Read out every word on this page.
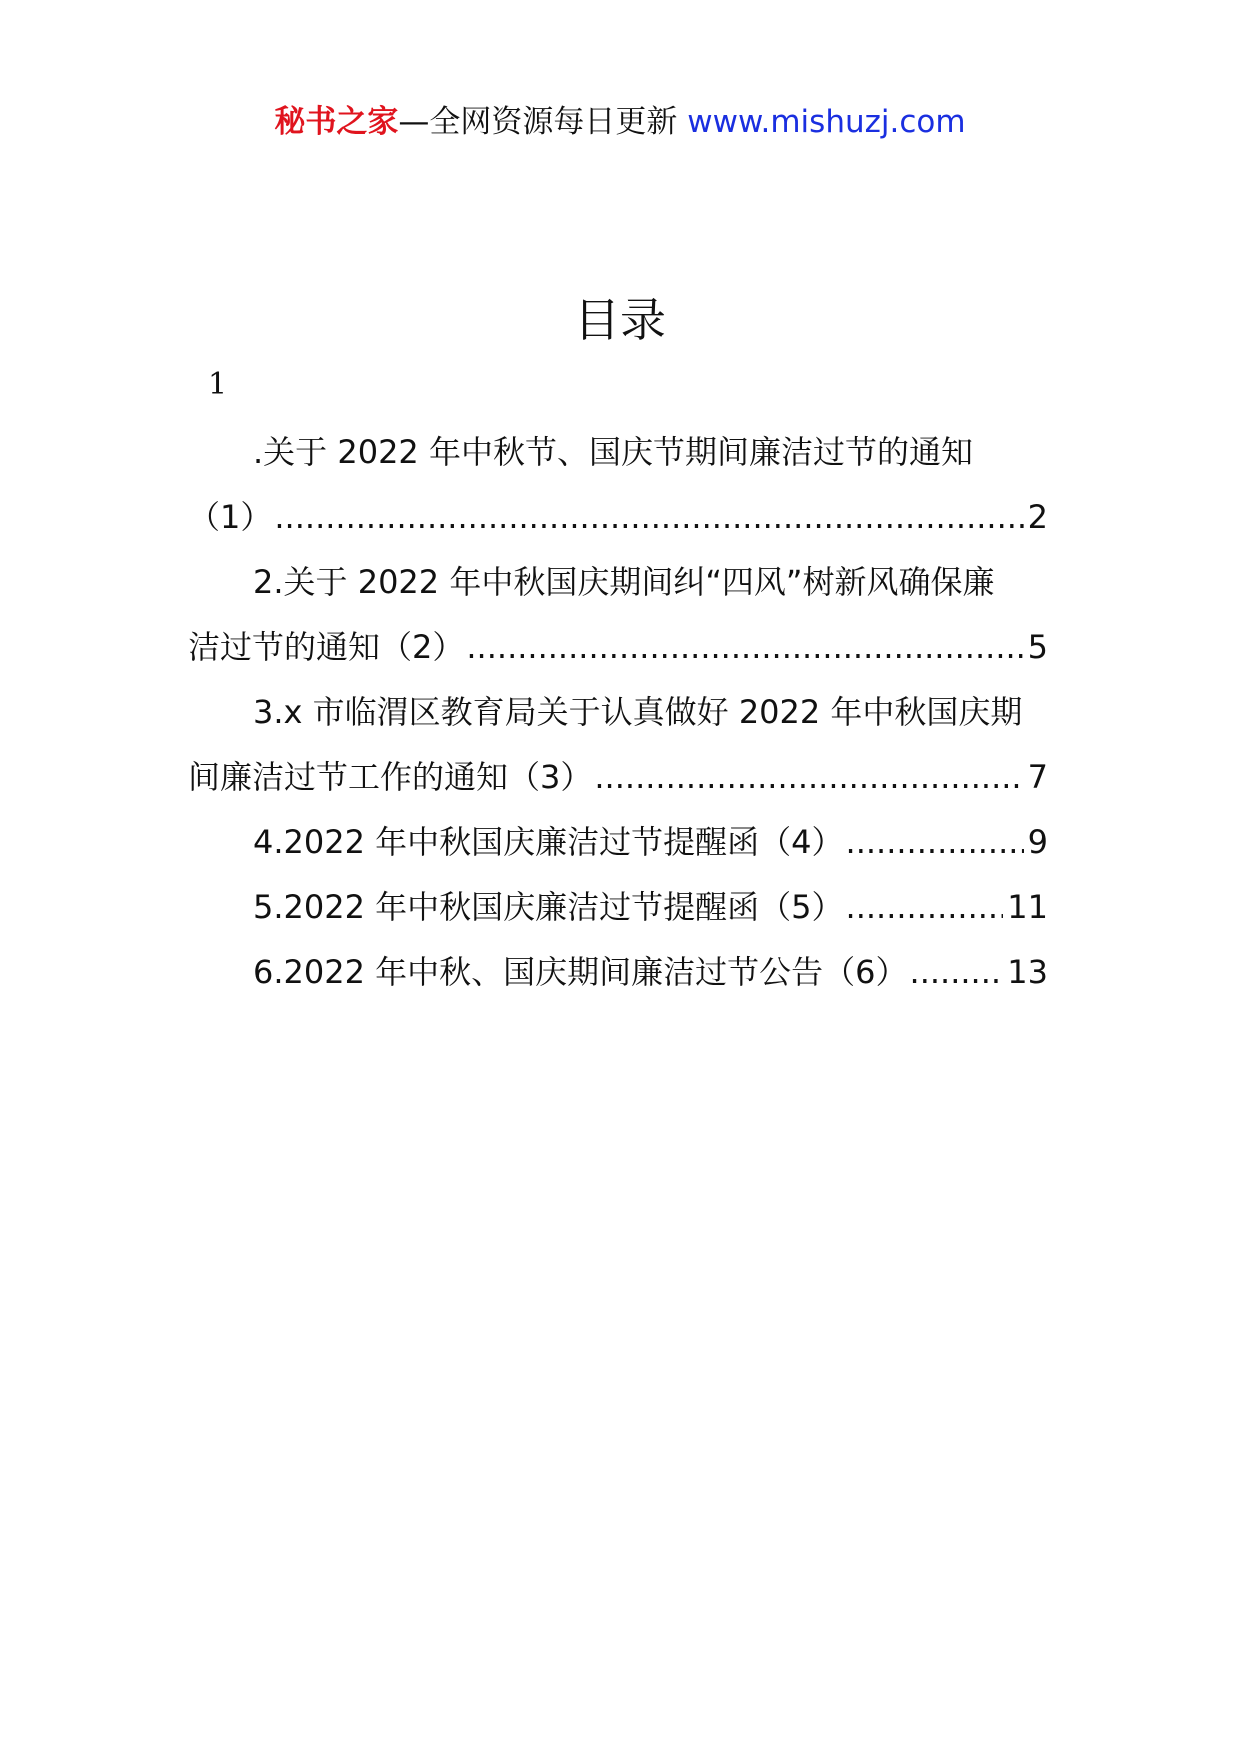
秘书之家—全网资源每日更新 www.mishuzj.com
目录
1
.关于 2022 年中秋节、国庆节期间廉洁过节的通知
（1） .....	2
2.关于 2022 年中秋国庆期间纠“四风”树新风确保廉
洁过节的通知（2） .....	5
3.x 市临渭区教育局关于认真做好 2022 年中秋国庆期
间廉洁过节工作的通知（3） .....	7
4.2022 年中秋国庆廉洁过节提醒函（4） .....	9
5.2022 年中秋国庆廉洁过节提醒函（5） .....	11
6.2022 年中秋、国庆期间廉洁过节公告（6） .....	13
